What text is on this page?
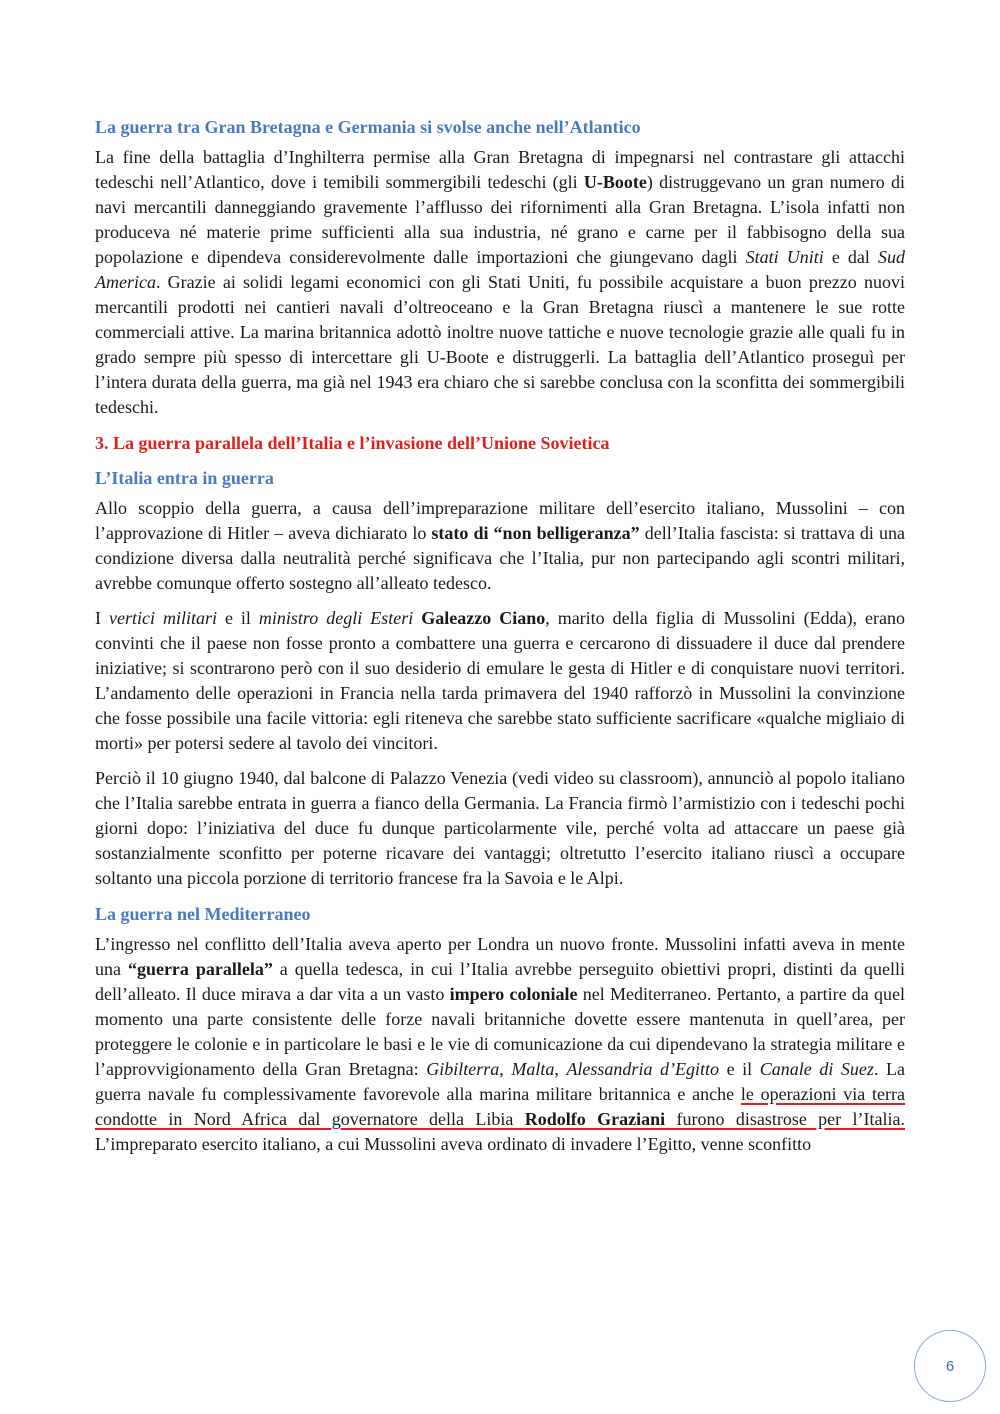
La guerra tra Gran Bretagna e Germania si svolse anche nell’Atlantico

La fine della battaglia d’Inghilterra permise alla Gran Bretagna di impegnarsi nel contrastare gli attacchi tedeschi nell’Atlantico, dove i temibili sommergibili tedeschi (gli U-Boote) distruggevano un gran numero di navi mercantili danneggiando gravemente l’afflusso dei rifornimenti alla Gran Bretagna. L’isola infatti non produceva né materie prime sufficienti alla sua industria, né grano e carne per il fabbisogno della sua popolazione e dipendeva considerevolmente dalle importazioni che giungevano dagli Stati Uniti e dal Sud America. Grazie ai solidi legami economici con gli Stati Uniti, fu possibile acquistare a buon prezzo nuovi mercantili prodotti nei cantieri navali d’oltreoceano e la Gran Bretagna riuscì a mantenere le sue rotte commerciali attive. La marina britannica adottò inoltre nuove tattiche e nuove tecnologie grazie alle quali fu in grado sempre più spesso di intercettare gli U-Boote e distruggerli. La battaglia dell’Atlantico proseguì per l’intera durata della guerra, ma già nel 1943 era chiaro che si sarebbe conclusa con la sconfitta dei sommergibili tedeschi.

3. La guerra parallela dell’Italia e l’invasione dell’Unione Sovietica
L’Italia entra in guerra

Allo scoppio della guerra, a causa dell’impreparazione militare dell’esercito italiano, Mussolini – con l’approvazione di Hitler – aveva dichiarato lo stato di “non belligeranza” dell’Italia fascista: si trattava di una condizione diversa dalla neutralità perché significava che l’Italia, pur non partecipando agli scontri militari, avrebbe comunque offerto sostegno all’alleato tedesco.

I vertici militari e il ministro degli Esteri Galeazzo Ciano, marito della figlia di Mussolini (Edda), erano convinti che il paese non fosse pronto a combattere una guerra e cercarono di dissuadere il duce dal prendere iniziative; si scontrarono però con il suo desiderio di emulare le gesta di Hitler e di conquistare nuovi territori. L’andamento delle operazioni in Francia nella tarda primavera del 1940 rafforzò in Mussolini la convinzione che fosse possibile una facile vittoria: egli riteneva che sarebbe stato sufficiente sacrificare «qualche migliaio di morti» per potersi sedere al tavolo dei vincitori.

Perciò il 10 giugno 1940, dal balcone di Palazzo Venezia (vedi video su classroom), annunciò al popolo italiano che l’Italia sarebbe entrata in guerra a fianco della Germania. La Francia firmò l’armistizio con i tedeschi pochi giorni dopo: l’iniziativa del duce fu dunque particolarmente vile, perché volta ad attaccare un paese già sostanzialmente sconfitto per poterne ricavare dei vantaggi; oltretutto l’esercito italiano riuscì a occupare soltanto una piccola porzione di territorio francese fra la Savoia e le Alpi.

La guerra nel Mediterraneo

L’ingresso nel conflitto dell’Italia aveva aperto per Londra un nuovo fronte. Mussolini infatti aveva in mente una “guerra parallela” a quella tedesca, in cui l’Italia avrebbe perseguito obiettivi propri, distinti da quelli dell’alleato. Il duce mirava a dar vita a un vasto impero coloniale nel Mediterraneo. Pertanto, a partire da quel momento una parte consistente delle forze navali britanniche dovette essere mantenuta in quell’area, per proteggere le colonie e in particolare le basi e le vie di comunicazione da cui dipendevano la strategia militare e l’approvvigionamento della Gran Bretagna: Gibilterra, Malta, Alessandria d’Egitto e il Canale di Suez. La guerra navale fu complessivamente favorevole alla marina militare britannica e anche le operazioni via terra condotte in Nord Africa dal governatore della Libia Rodolfo Graziani furono disastrose per l’Italia. L’impreparato esercito italiano, a cui Mussolini aveva ordinato di invadere l’Egitto, venne sconfitto

6
